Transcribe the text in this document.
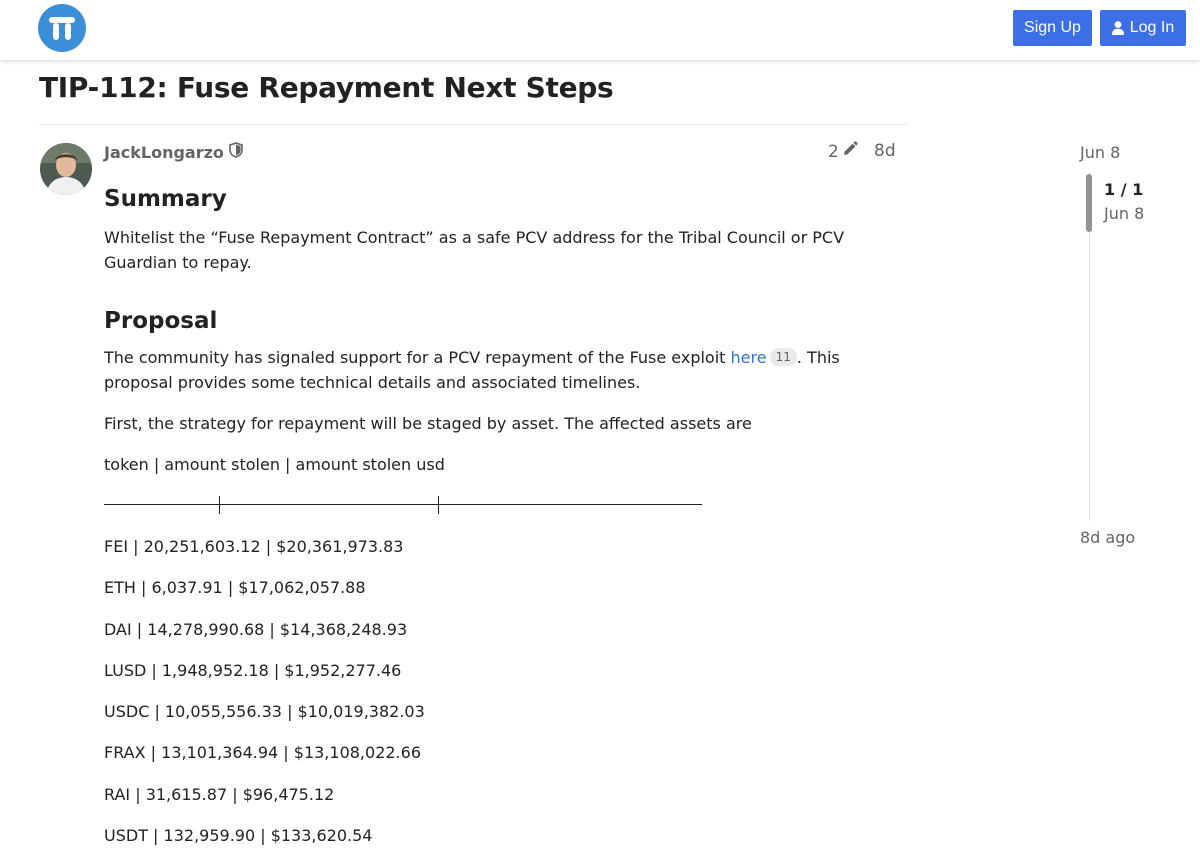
Sign Up	Log In
TIP-112: Fuse Repayment Next Steps
JackLongarzo	2 8d
Summary

Whitelist the “Fuse Repayment Contract” as a safe PCV address for the Tribal Council or PCV Guardian to repay.

Proposal

The community has signaled support for a PCV repayment of the Fuse exploit here 11 . This proposal provides some technical details and associated timelines.

First, the strategy for repayment will be staged by asset. The affected assets are

token | amount stolen | amount stolen usd

FEI | 20,251,603.12 | $20,361,973.83
ETH | 6,037.91 | $17,062,057.88
DAI | 14,278,990.68 | $14,368,248.93
LUSD | 1,948,952.18 | $1,952,277.46
USDC | 10,055,556.33 | $10,019,382.03
FRAX | 13,101,364.94 | $13,108,022.66
RAI | 31,615.87 | $96,475.12
USDT | 132,959.90 | $133,620.54
Jun 8
1 / 1
Jun 8
8d ago
